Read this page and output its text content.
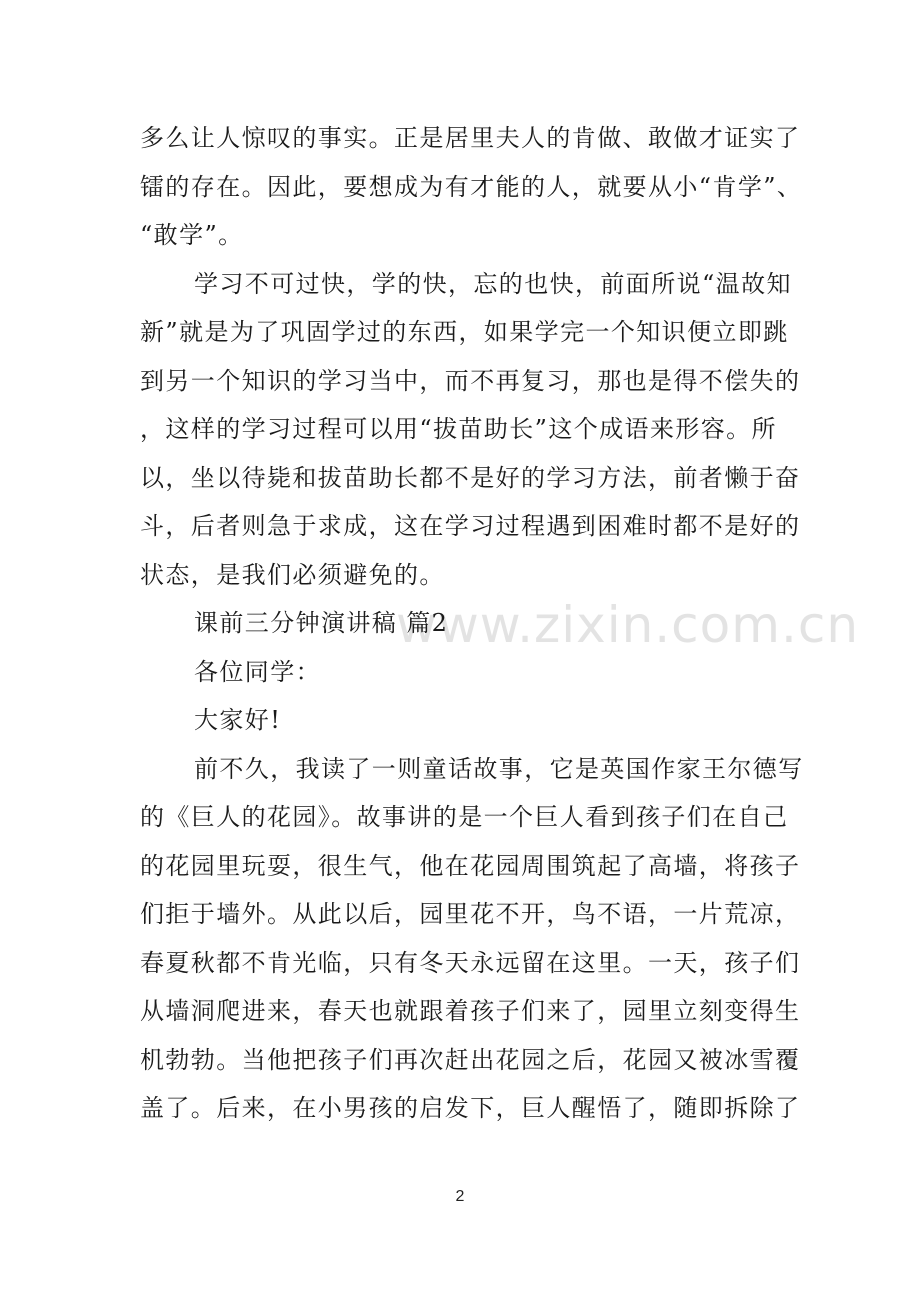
www.zixin.com.cn
多么让人惊叹的事实。正是居里夫人的肯做、敢做才证实了
镭的存在。因此，要想成为有才能的人，就要从小“肯学”、
“敢学”。
学习不可过快，学的快，忘的也快，前面所说“温故知
新”就是为了巩固学过的东西，如果学完一个知识便立即跳
到另一个知识的学习当中，而不再复习，那也是得不偿失的
，这样的学习过程可以用“拔苗助长”这个成语来形容。所
以，坐以待毙和拔苗助长都不是好的学习方法，前者懒于奋
斗，后者则急于求成，这在学习过程遇到困难时都不是好的
状态，是我们必须避免的。
课前三分钟演讲稿 篇2
各位同学：
大家好!
前不久，我读了一则童话故事，它是英国作家王尔德写
的《巨人的花园》。故事讲的是一个巨人看到孩子们在自己
的花园里玩耍，很生气，他在花园周围筑起了高墙，将孩子
们拒于墙外。从此以后，园里花不开，鸟不语，一片荒凉，
春夏秋都不肯光临，只有冬天永远留在这里。一天，孩子们
从墙洞爬进来，春天也就跟着孩子们来了，园里立刻变得生
机勃勃。当他把孩子们再次赶出花园之后，花园又被冰雪覆
盖了。后来，在小男孩的启发下，巨人醒悟了，随即拆除了
2
